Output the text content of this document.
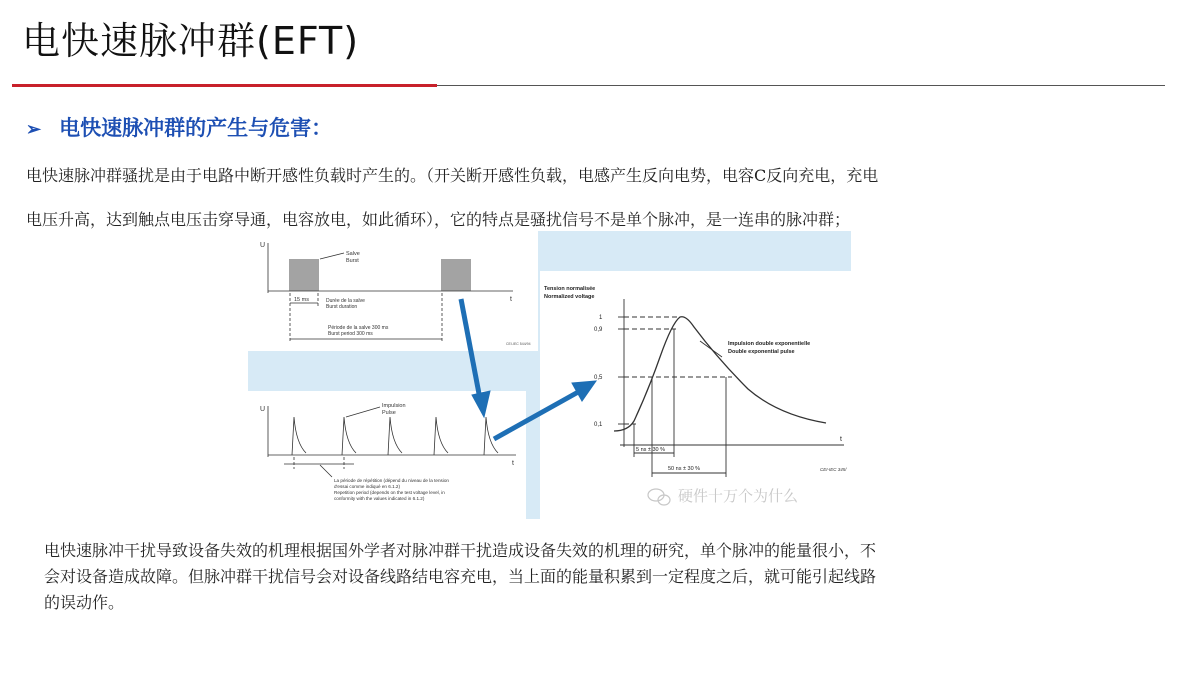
电快速脉冲群(EFT)
➢ 电快速脉冲群的产生与危害：
电快速脉冲群骚扰是由于电路中断开感性负载时产生的。（开关断开感性负载，电感产生反向电势，电容C反向充电，充电
电压升高，达到触点电压击穿导通，电容放电，如此循环），它的特点是骚扰信号不是单个脉冲，是一连串的脉冲群；
U
t
Salve
Burst
15 ms	Durée de la salve
Burst duration
Période de la salve 300 ms
Burst period 300 ms
CEI-IEC 544/94
U
t
Impulsion
Pulse
La période de répétition (dépend du niveau de la tension
d'essai comme indiqué en 6.1.2)
Repetition period (depends on the test voltage level, in
conformity with the values indicated in 6.1.2)
Tension normalisée
Normalized voltage
1
0,9
0,5
0,1
Impulsion double exponentielle
Double exponential pulse
5 ns ± 30 %
50 ns ± 30 %
t
CEI-IEC 345/
硬件十万个为什么
电快速脉冲干扰导致设备失效的机理根据国外学者对脉冲群干扰造成设备失效的机理的研究，单个脉冲的能量很小，不
会对设备造成故障。但脉冲群干扰信号会对设备线路结电容充电，当上面的能量积累到一定程度之后，就可能引起线路
的误动作。
